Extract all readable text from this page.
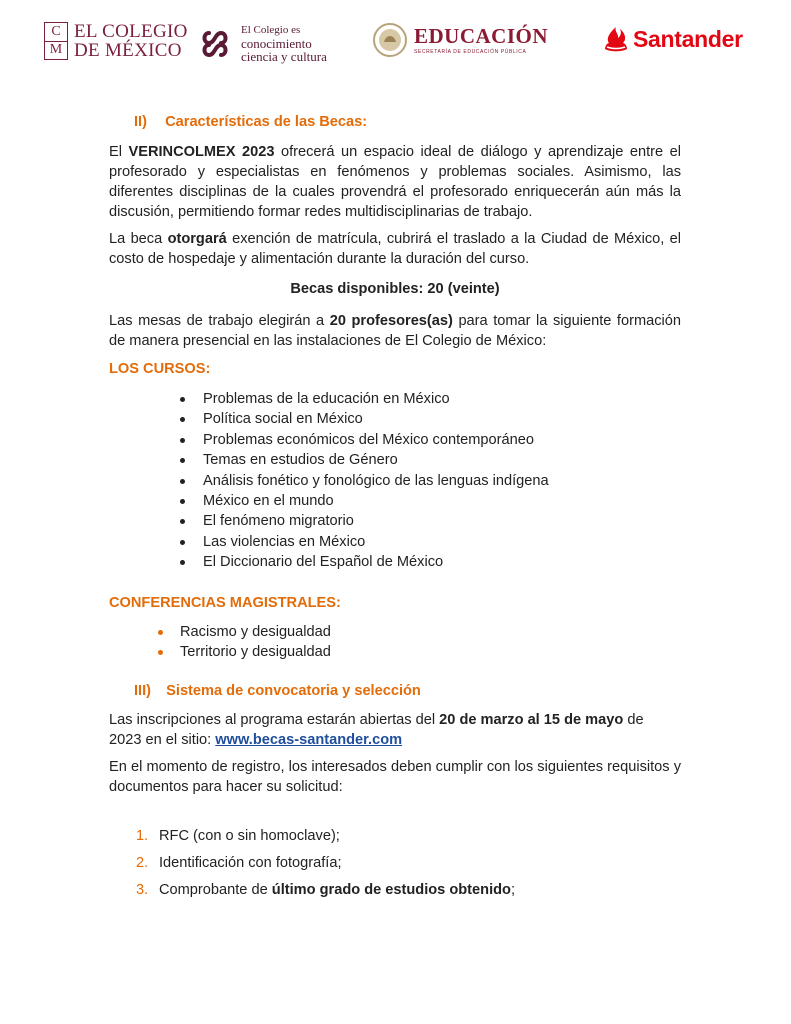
C
M
EL COLEGIO
DE MÉXICO
El Colegio es
conocimiento
ciencia y cultura
EDUCACIÓN
SECRETARÍA DE EDUCACIÓN PÚBLICA	Santander
II) Características de las Becas:
El VERINCOLMEX 2023 ofrecerá un espacio ideal de diálogo y aprendizaje entre el profesorado y especialistas en fenómenos y problemas sociales. Asimismo, las diferentes disciplinas de la cuales provendrá el profesorado enriquecerán aún más la discusión, permitiendo formar redes multidisciplinarias de trabajo.
La beca otorgará exención de matrícula, cubrirá el traslado a la Ciudad de México, el costo de hospedaje y alimentación durante la duración del curso.
Becas disponibles: 20 (veinte)
Las mesas de trabajo elegirán a 20 profesores(as) para tomar la siguiente formación de manera presencial en las instalaciones de El Colegio de México:
LOS CURSOS:
Problemas de la educación en México
Política social en México
Problemas económicos del México contemporáneo
Temas en estudios de Género
Análisis fonético y fonológico de las lenguas indígena
México en el mundo
El fenómeno migratorio
Las violencias en México
El Diccionario del Español de México
CONFERENCIAS MAGISTRALES:
Racismo y desigualdad
Territorio y desigualdad
III) Sistema de convocatoria y selección
Las inscripciones al programa estarán abiertas del 20 de marzo al 15 de mayo de
2023 en el sitio: www.becas-santander.com
En el momento de registro, los interesados deben cumplir con los siguientes requisitos y documentos para hacer su solicitud:
1. RFC (con o sin homoclave);
2. Identificación con fotografía;
3. Comprobante de último grado de estudios obtenido;
